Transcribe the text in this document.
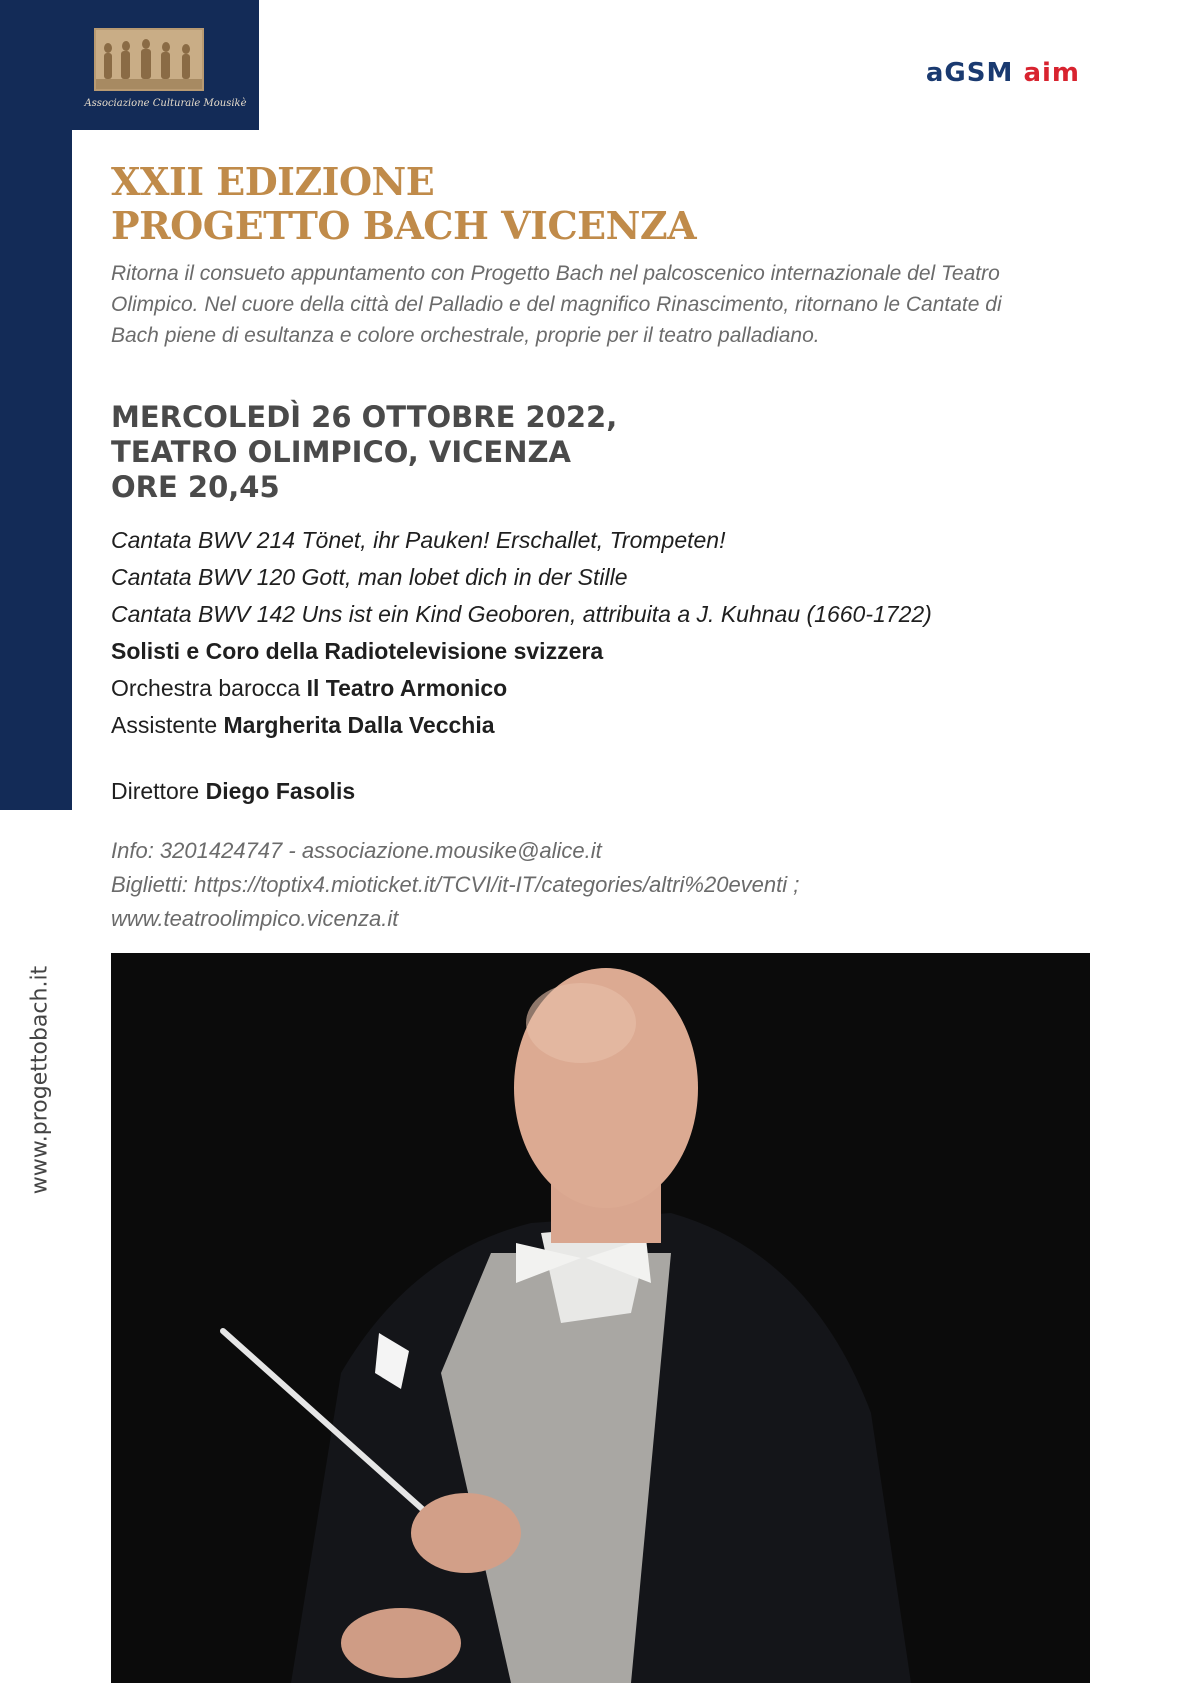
Associazione Culturale Mousikè
aGSM aim
www.progettobach.it
XXII EDIZIONE
PROGETTO BACH VICENZA

Ritorna il consueto appuntamento con Progetto Bach nel palcoscenico internazionale del Teatro Olimpico. Nel cuore della città del Palladio e del magnifico Rinascimento, ritornano le Cantate di Bach piene di esultanza e colore orchestrale, proprie per il teatro palladiano.

MERCOLEDÌ 26 OTTOBRE 2022,
TEATRO OLIMPICO, VICENZA
ORE 20,45
Cantata BWV 214 Tönet, ihr Pauken! Erschallet, Trompeten!
Cantata BWV 120 Gott, man lobet dich in der Stille
Cantata BWV 142 Uns ist ein Kind Geoboren, attribuita a J. Kuhnau (1660-1722)
Solisti e Coro della Radiotelevisione svizzera
Orchestra barocca Il Teatro Armonico
Assistente Margherita Dalla Vecchia
Direttore Diego Fasolis
Info: 3201424747 - associazione.mousike@alice.it
Biglietti: https://toptix4.mioticket.it/TCVI/it-IT/categories/altri%20eventi ;
www.teatroolimpico.vicenza.it
